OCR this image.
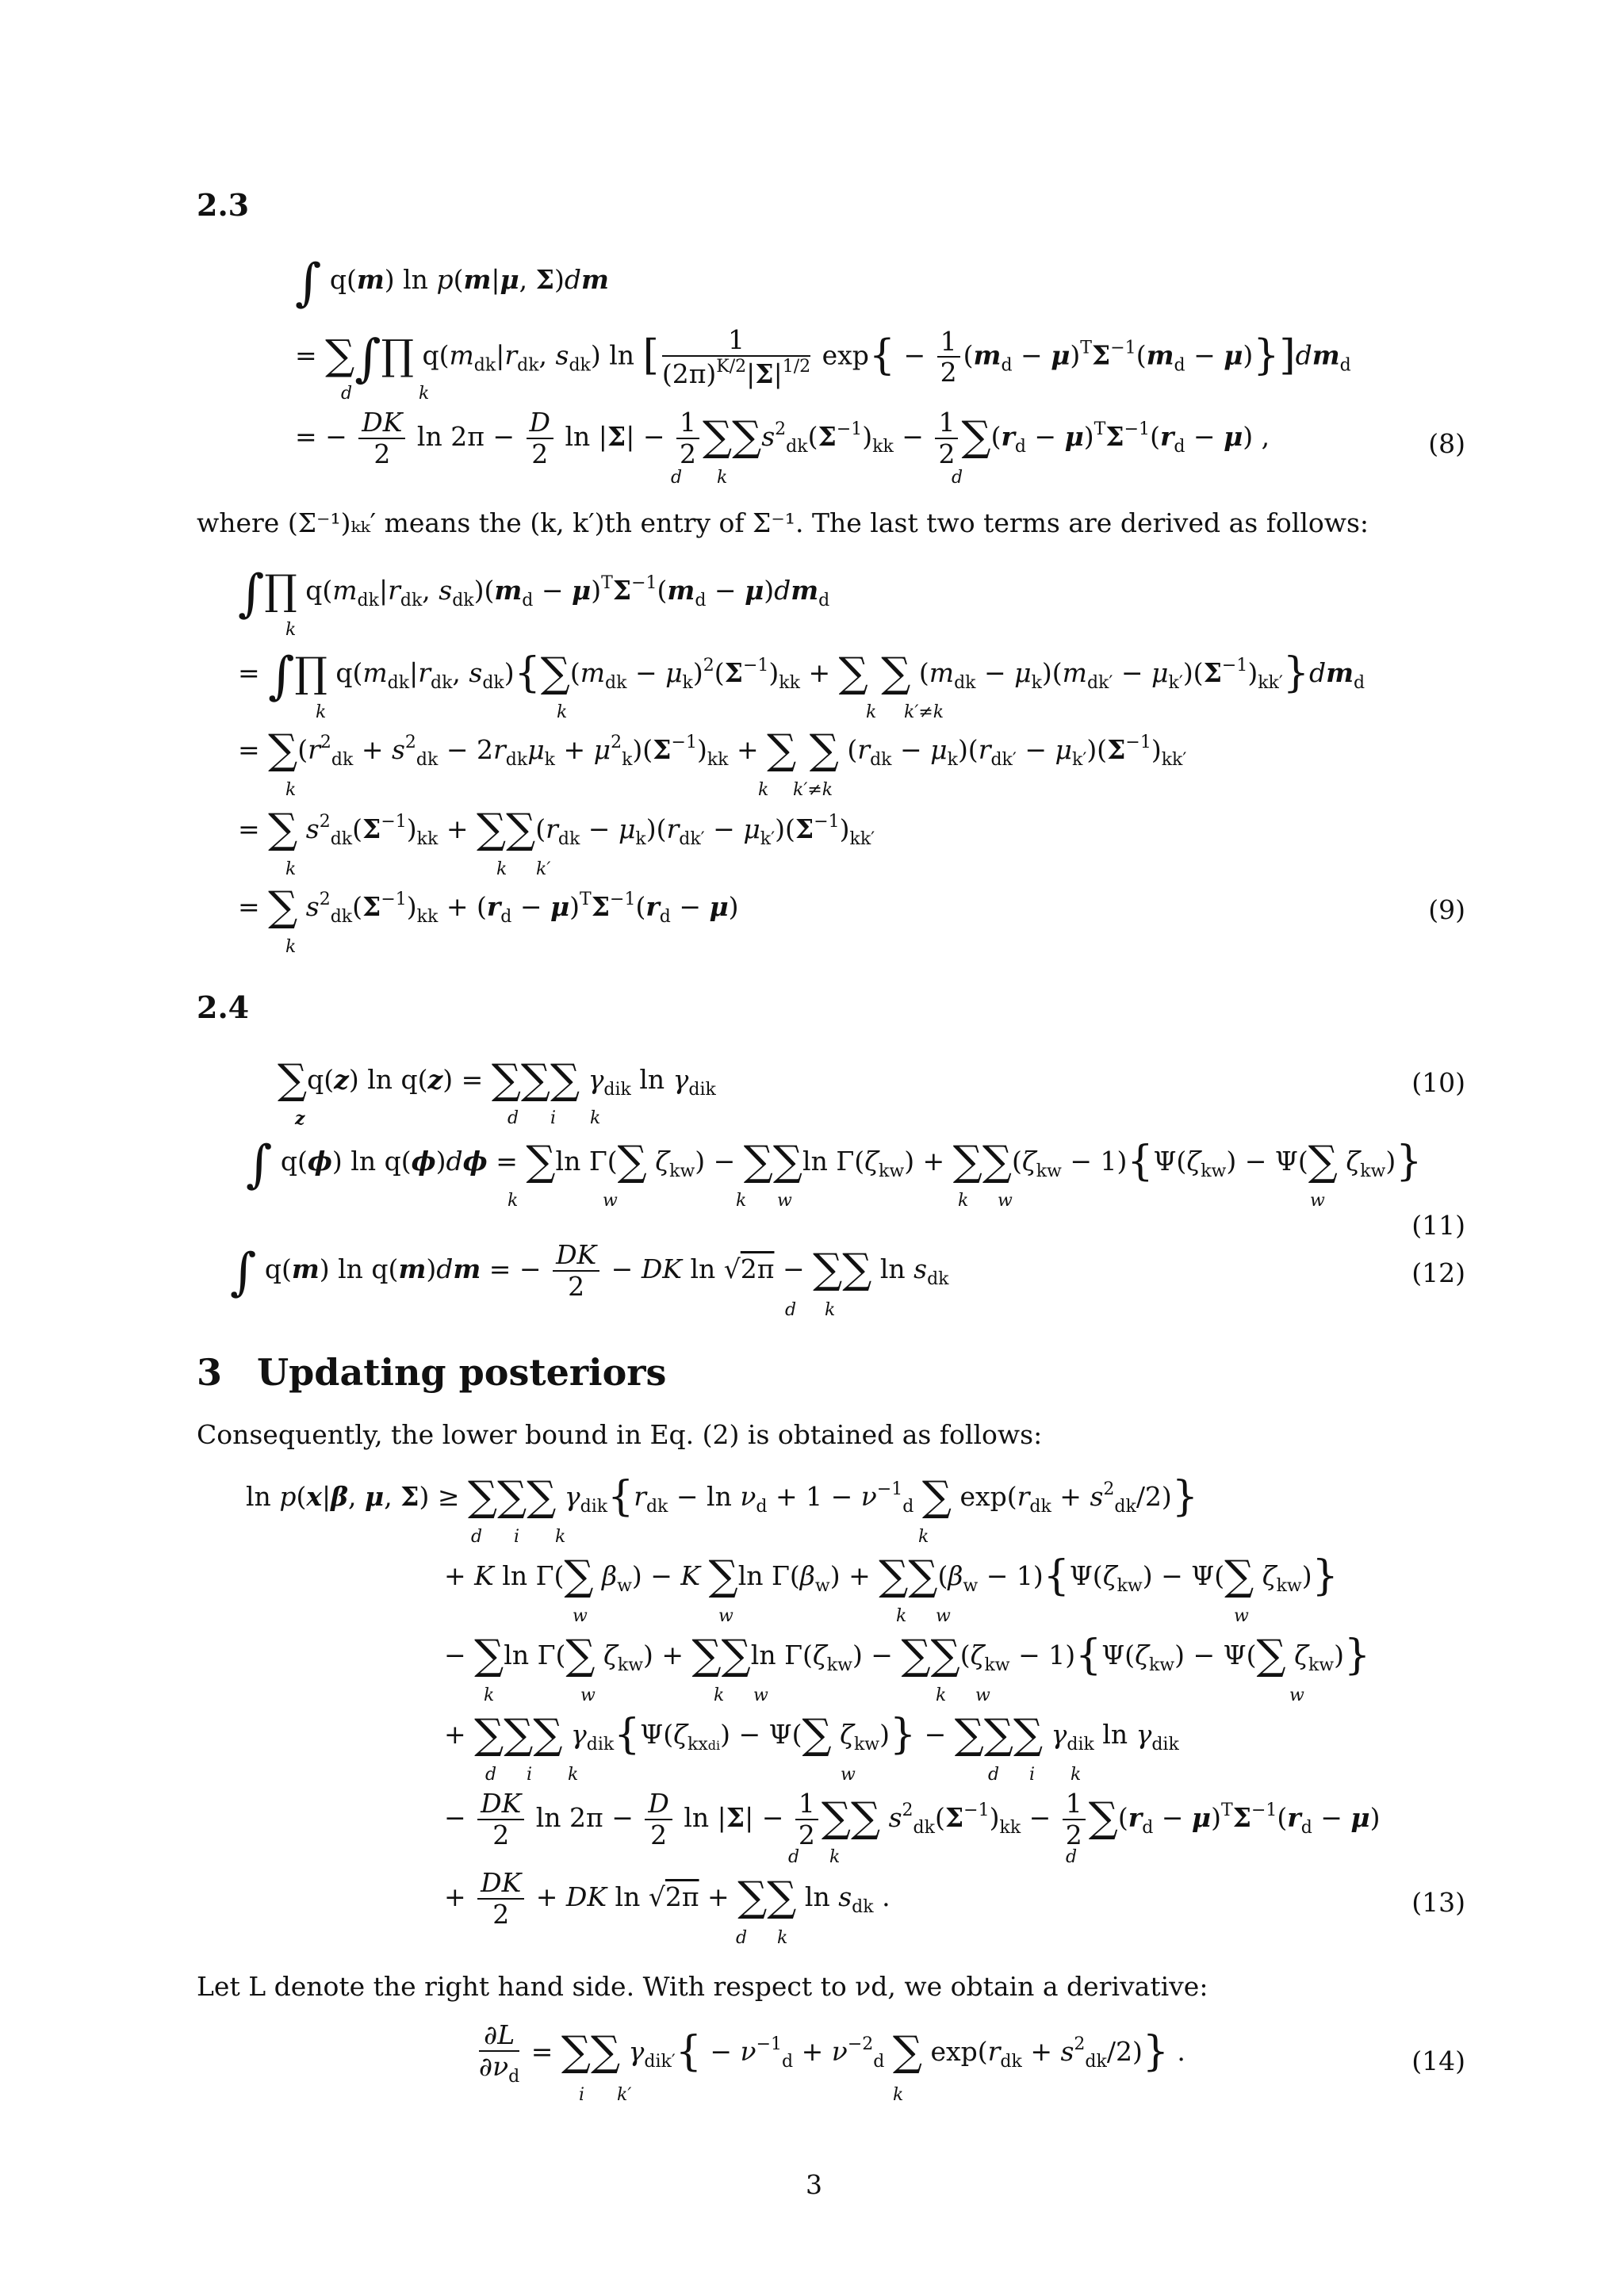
2.3
∫ q(m) ln p(m|μ, Σ)dm
= ∑∫∏ $q(m_{dk}|r_{dk}$, $s_{dk}$) ln [ $\frac{1}{(2\pi)^{K/2}|\Sigma|^{1/2}} \exp\{ - \frac{1}{2} (m_d - \mu)^T\Sigma^{-1}(m_d - \mu)\}]dm_d$
d	k
= − $\frac{DK}{2}$ $\ln 2\pi - \frac{D}{2}$ $\ln |\Sigma| - \frac{1}{2} \sum\sum s^2_{dk}(\Sigma^{-1})_{kk} - \frac{1}{2} \sum(r_d - \mu)^T\Sigma^{-1}(r_d - \mu)$ ,
d k	d
(8)
where (Σ⁻¹)ₖₖ′ means the (k, k′)th entry of Σ⁻¹. The last two terms are derived as follows:
∫∏ $q(m_{dk}|r_{dk}$, $s_{dk})(m_d - \mu)^T\Sigma^{-1}(m_d - \mu)dm_d$
k
= ∫∏ $q(m_{dk}|r_{dk}$, $s_{dk})\{\sum(m_{dk} - \mu_k)^2(\Sigma^{-1})_{kk}$ + ∑ ∑ $(m_{dk} - \mu_k)(m_{dk'} - \mu_{k'})(\Sigma^{-1})_{kk'}\}dm_d$
k	k	k k′≠k
= $\sum(r^2_{dk} + s^2_{dk} - 2r_{dk}\mu_k + \mu^2_k)(\Sigma^{-1})_{kk}$ + ∑ ∑ $(r_{dk} - \mu_k)(r_{dk'} - \mu_{k'})(\Sigma^{-1})_{kk'}$
k	k k′≠k
= ∑ $s^2_{dk}(\Sigma^{-1})_{kk} + \sum\sum(r_{dk} - \mu_k)(r_{dk'} - \mu_{k'})(\Sigma^{-1})_{kk'}$
k	k k′
= ∑ $s^2_{dk}(\Sigma^{-1})_{kk} + (r_d - \mu)^T\Sigma^{-1}(r_d - \mu)$
k
(9)
2.4
∑q(z) ln q(z) = ∑∑∑ $\gamma_{dik}$ $\ln \gamma_{dik}$
z	d i k
(10)
∫ q(ϕ) ln q(ϕ)dϕ = ∑ln Γ(∑ $\zeta_{kw}) - \sum\sum\ln$ $\Gamma(\zeta_{kw}) + \sum\sum(\zeta_{kw} - 1)\{\Psi(\zeta_{kw}) - \Psi(\sum$ $\zeta_{kw}$)}
k	w	k w	k w	w
(11)
∫ q(m) ln q(m)dm = − $\frac{DK}{2}$ − DK ln √2π − ∑∑ $\ln s_{dk}$
d k
(12)
3 Updating posteriors
Consequently, the lower bound in Eq. (2) is obtained as follows:
ln p(x|β, μ, Σ) ≥ ∑∑∑ $\gamma_{dik}\{r_{dk} - \ln \nu_d + 1 - \nu^{-1}_d$ ∑ $\exp(r_{dk} + s^2_{dk}/2)$}
d i k	k
+ K ln Γ(∑ $\beta_w) - K$ ∑ln $\Gamma(\beta_w) + \sum\sum(\beta_w - 1)\{\Psi(\zeta_{kw}) - \Psi(\sum$ $\zeta_{kw}$)}
w	w	k w	w
− ∑ln Γ(∑ $\zeta_{kw}) + \sum\sum\ln$ $\Gamma(\zeta_{kw}) - \sum\sum(\zeta_{kw} - 1)\{\Psi(\zeta_{kw}) - \Psi(\sum$ $\zeta_{kw}$)}
k	w	k w	k w	w
+ ∑∑∑ $\gamma_{dik}\{\Psi(\zeta_{kxdi}) - \Psi(\sum$ $\zeta_{kw}$)} − ∑∑∑ $\gamma_{dik}$ $\ln \gamma_{dik}$
d i k	w	d i k
− $\frac{DK}{2}$ $\ln 2\pi - \frac{D}{2}$ $\ln |\Sigma| - \frac{1}{2}$ ∑∑ $s^2_{dk}(\Sigma^{-1})_{kk} - \frac{1}{2} \sum(r_d - \mu)^T\Sigma^{-1}(r_d - \mu)$
d k	d
+ $\frac{DK}{2}$ + DK ln √2π + ∑∑ $\ln s_{dk}$ .
d k
(13)
Let L denote the right hand side. With respect to νd, we obtain a derivative:
$\frac{\partial L}{\partial\nu_d}$ = ∑∑ $\gamma_{dik'}\{ - \nu^{-1}_d + \nu^{-2}_d$ ∑ $\exp(r_{dk} + s^2_{dk}/2)$} .
i k′	k
(14)
3
